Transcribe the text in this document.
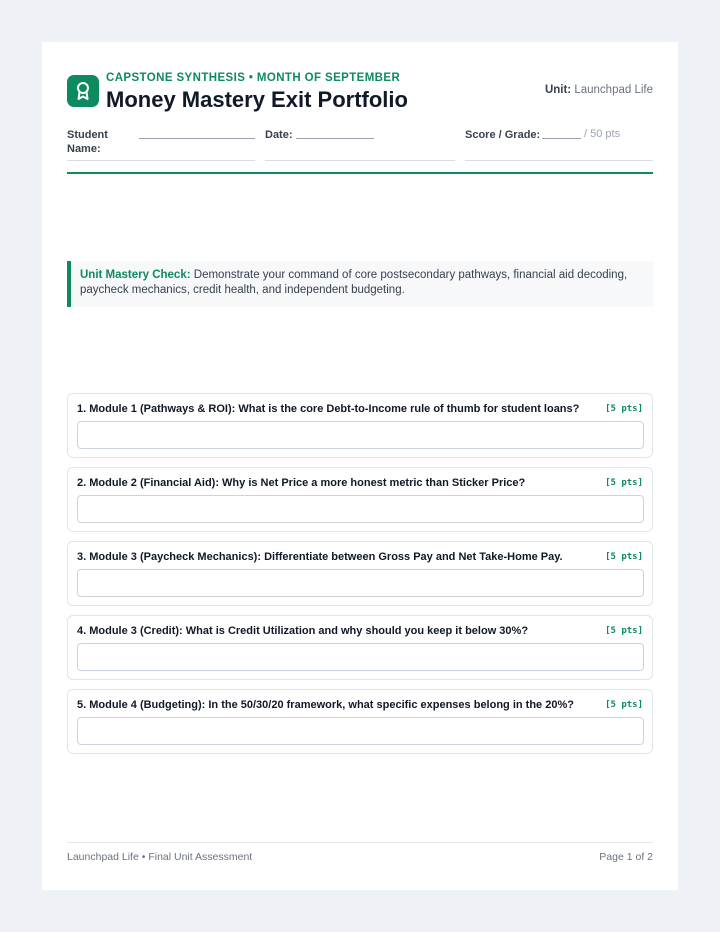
CAPSTONE SYNTHESIS • MONTH OF SEPTEMBER
Money Mastery Exit Portfolio	Unit: Launchpad Life
Student Name:
Date:	Score / Grade:	/ 50 pts
Unit Mastery Check: Demonstrate your command of core postsecondary pathways, financial aid decoding, paycheck mechanics, credit health, and independent budgeting.
1. Module 1 (Pathways & ROI): What is the core Debt-to-Income rule of thumb for student loans?	[5 pts]
2. Module 2 (Financial Aid): Why is Net Price a more honest metric than Sticker Price?	[5 pts]
3. Module 3 (Paycheck Mechanics): Differentiate between Gross Pay and Net Take-Home Pay.	[5 pts]
4. Module 3 (Credit): What is Credit Utilization and why should you keep it below 30%?	[5 pts]
5. Module 4 (Budgeting): In the 50/30/20 framework, what specific expenses belong in the 20%?	[5 pts]
Launchpad Life • Final Unit Assessment	Page 1 of 2
